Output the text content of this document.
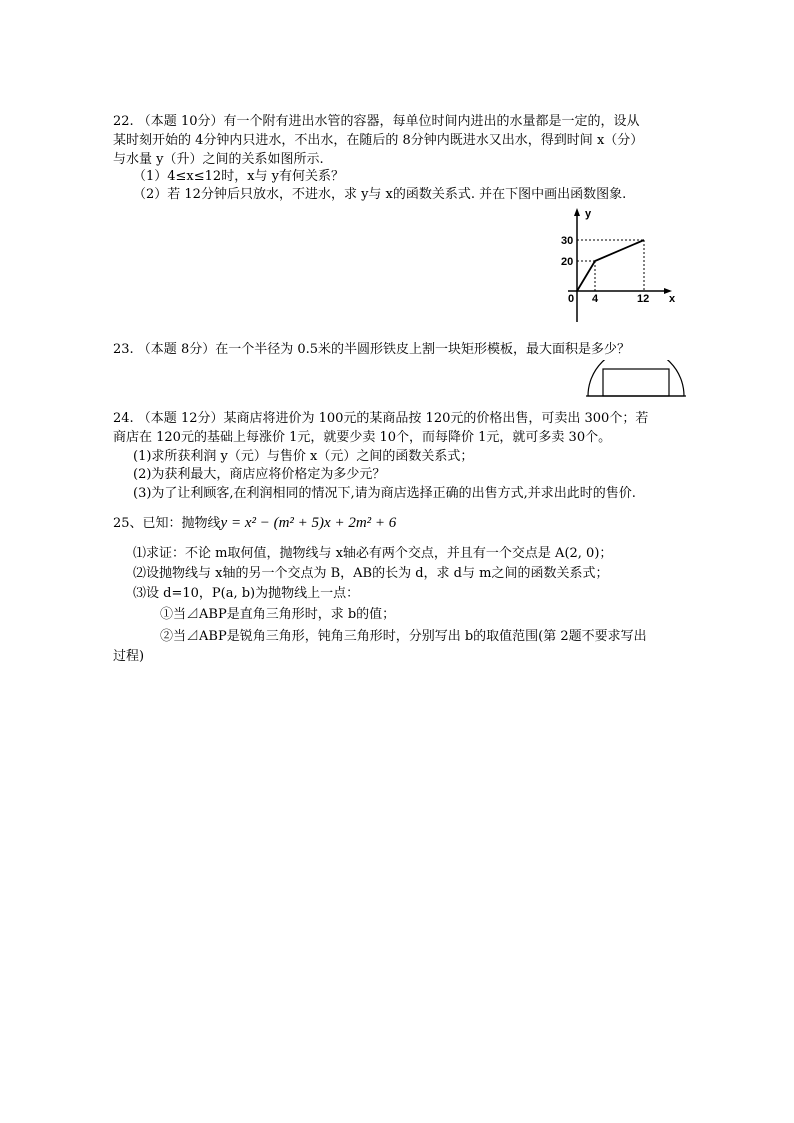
22. （本题 10分）有一个附有进出水管的容器，每单位时间内进出的水量都是一定的，设从
某时刻开始的 4分钟内只进水，不出水，在随后的 8分钟内既进水又出水，得到时间 x（分）
与水量 y（升）之间的关系如图所示.
（1）4≤x≤12时，x与 y有何关系？
（2）若 12分钟后只放水，不进水，求 y与 x的函数关系式. 并在下图中画出函数图象.
y
x
0 4	12
20
30
23. （本题 8分）在一个半径为 0.5米的半圆形铁皮上割一块矩形模板，最大面积是多少？
24. （本题 12分）某商店将进价为 100元的某商品按 120元的价格出售，可卖出 300个；若
商店在 120元的基础上每涨价 1元，就要少卖 10个，而每降价 1元，就可多卖 30个。
(1)求所获利润 y（元）与售价 x（元）之间的函数关系式；
(2)为获利最大，商店应将价格定为多少元？
(3)为了让利顾客,在利润相同的情况下,请为商店选择正确的出售方式,并求出此时的售价.
25、已知：抛物线y = x² − (m² + 5)x + 2m² + 6
⑴求证：不论 m取何值，抛物线与 x轴必有两个交点，并且有一个交点是 A(2, 0)；
⑵设抛物线与 x轴的另一个交点为 B，AB的长为 d，求 d与 m之间的函数关系式；
⑶设 d=10，P(a, b)为抛物线上一点：
①当⊿ABP是直角三角形时，求 b的值；
②当⊿ABP是锐角三角形，钝角三角形时，分别写出 b的取值范围(第 2题不要求写出
过程)
